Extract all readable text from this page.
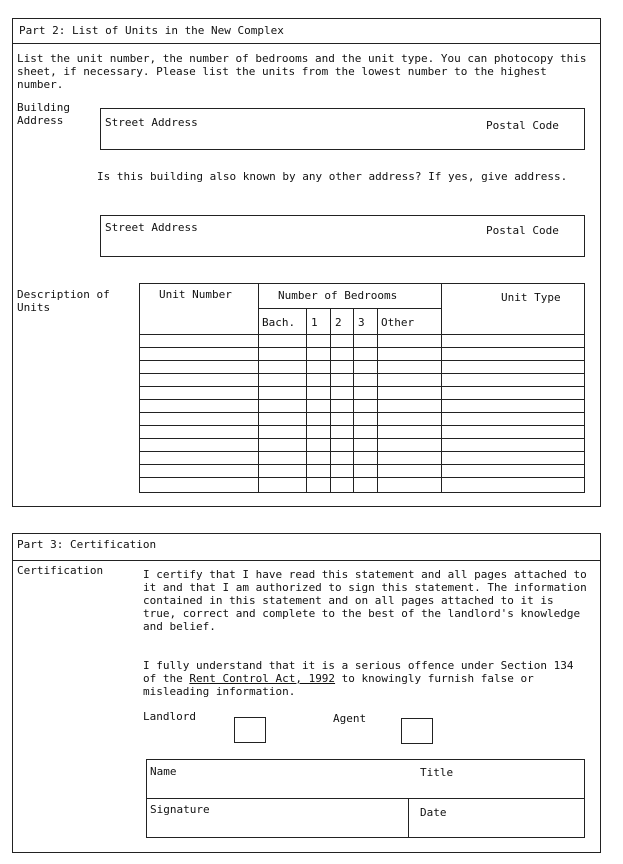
Part 2: List of Units in the New Complex
List the unit number, the number of bedrooms and the unit type. You can photocopy this sheet, if necessary. Please list the units from the lowest number to the highest number.
Building
Address	Street Address	Postal Code
Is this building also known by any other address? If yes, give address.
Street Address	Postal Code
Description of
Units
Unit Number	Number of Bedrooms	Unit Type
Bach. 1 2 3 Other
Part 3: Certification
Certification	I certify that I have read this statement and all pages attached to it and that I am authorized to sign this statement. The information contained in this statement and on all pages attached to it is true, correct and complete to the best of the landlord's knowledge and belief.
I fully understand that it is a serious offence under Section 134 of the Rent Control Act, 1992 to knowingly furnish false or misleading information.
Landlord	Agent
Name	Title
Signature	Date
